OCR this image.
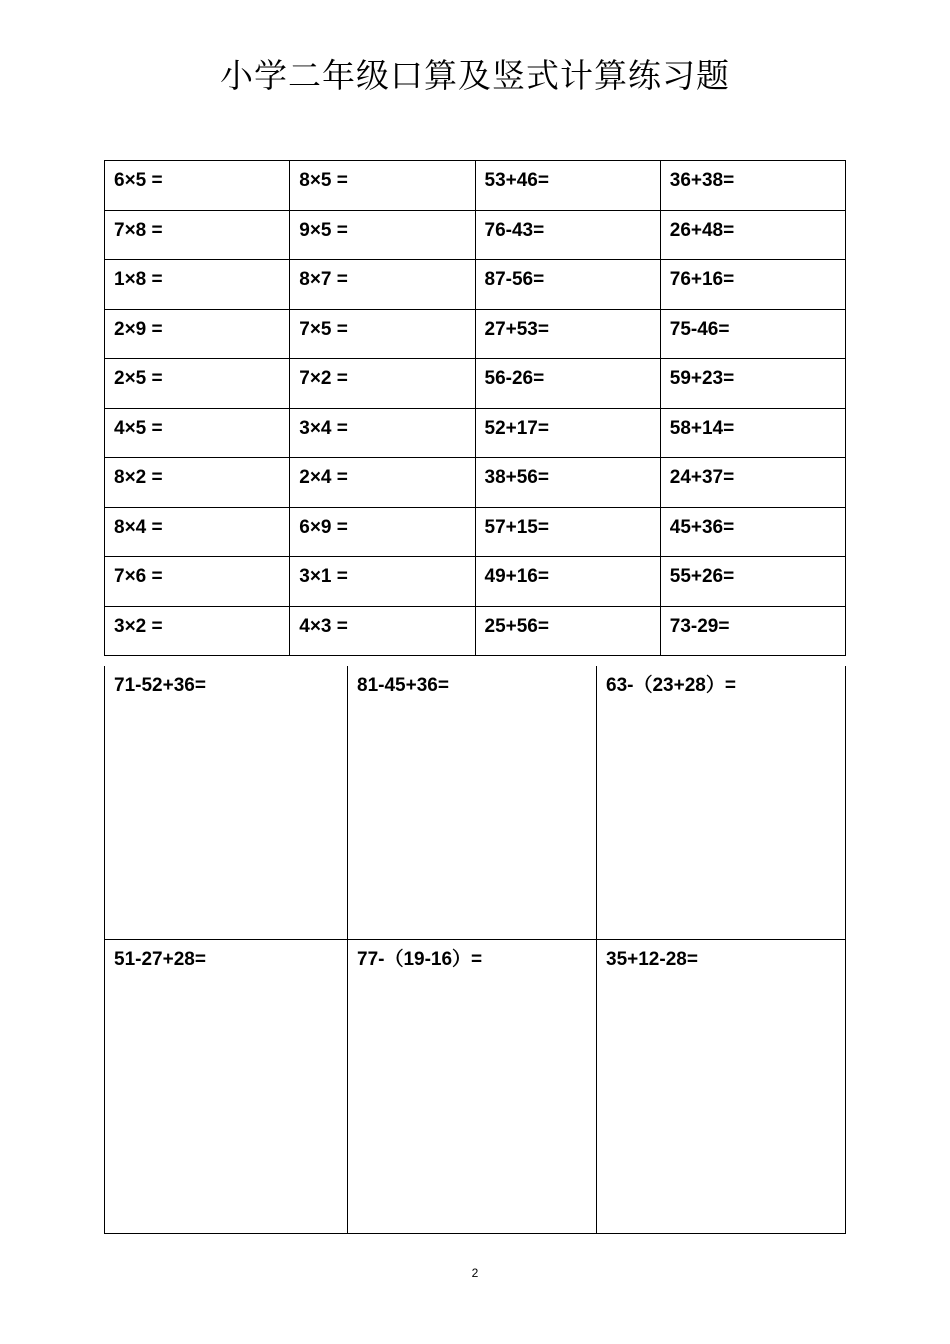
小学二年级口算及竖式计算练习题
6×5 =	8×5 =	53+46=	36+38=
7×8 =	9×5 =	76-43=	26+48=
1×8 =	8×7 =	87-56=	76+16=
2×9 =	7×5 =	27+53=	75-46=
2×5 =	7×2 =	56-26=	59+23=
4×5 =	3×4 =	52+17=	58+14=
8×2 =	2×4 =	38+56=	24+37=
8×4 =	6×9 =	57+15=	45+36=
7×6 =	3×1 =	49+16=	55+26=
3×2 =	4×3 =	25+56=	73-29=
71-52+36=	81-45+36=	63-（23+28）=
51-27+28=	77-（19-16）=	35+12-28=
2
